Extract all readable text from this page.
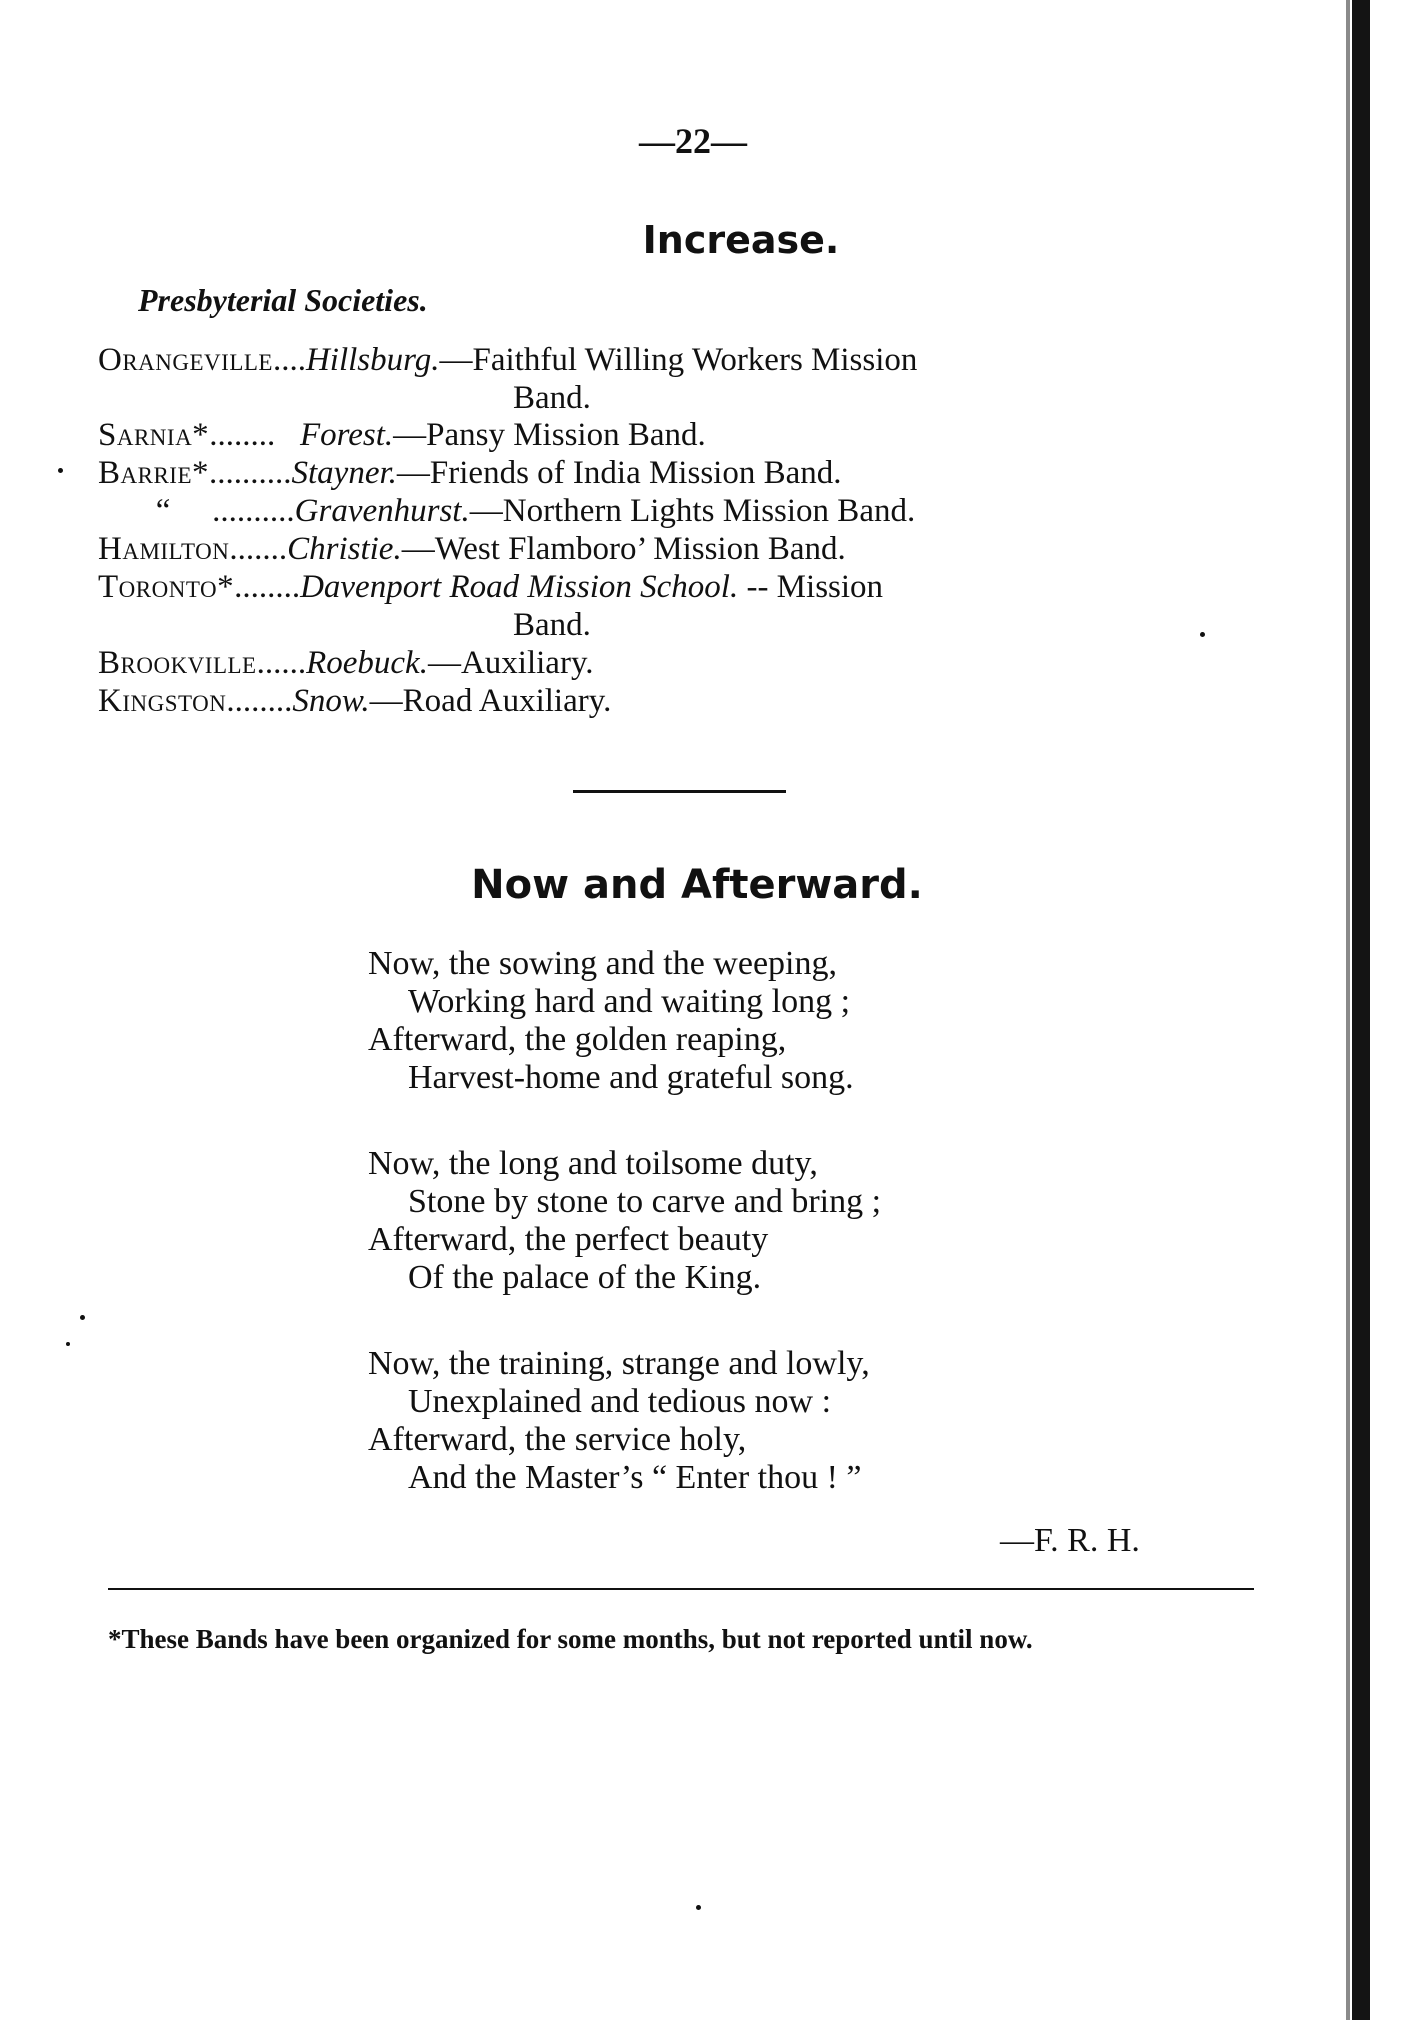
—22—
Increase.
Presbyterial Societies.
Orangeville....Hillsburg.—Faithful Willing Workers Mission
Band.
Sarnia*........ Forest.—Pansy Mission Band.
Barrie*..........Stayner.—Friends of India Mission Band.
“     ..........Gravenhurst.—Northern Lights Mission Band.
Hamilton.......Christie.—West Flamboro’ Mission Band.
Toronto*........Davenport Road Mission School. -- Mission
Band.
Brookville......Roebuck.—Auxiliary.
Kingston........Snow.—Road Auxiliary.
Now and Afterward.
Now, the sowing and the weeping,
Working hard and waiting long ;
Afterward, the golden reaping,
Harvest-home and grateful song.
Now, the long and toilsome duty,
Stone by stone to carve and bring ;
Afterward, the perfect beauty
Of the palace of the King.
Now, the training, strange and lowly,
Unexplained and tedious now :
Afterward, the service holy,
And the Master’s “ Enter thou ! ”
—F. R. H.
*These Bands have been organized for some months, but not reported until now.
